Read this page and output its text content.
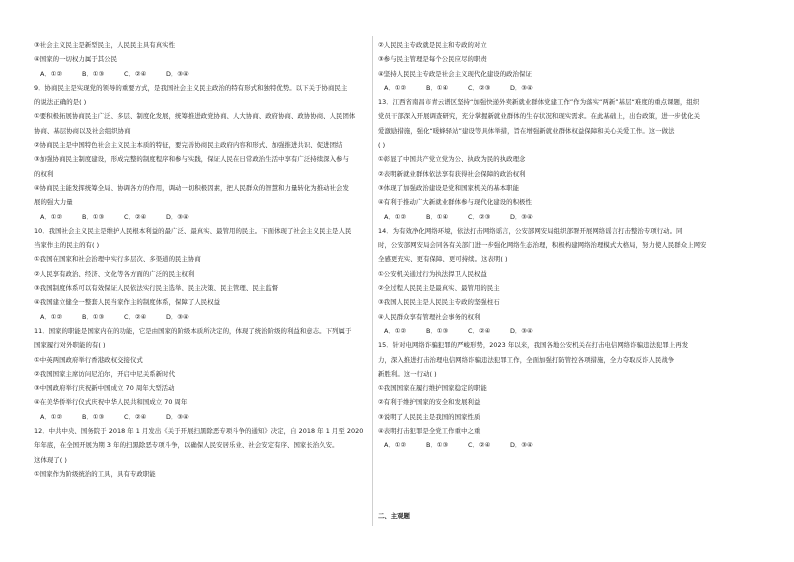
③社会主义民主是新型民主，人民民主具有真实性
④国家的一切权力属于其公民
A．①②	B．①③	C．②④	D．③④
9．协商民主是实现党的领导的重要方式，是我国社会主义民主政治的特有形式和独特优势。以下关于协商民主
的说法正确的是( )
①要积极拓展协商民主广泛、多层、制度化发展，统筹推进政党协商、人大协商、政府协商、政协协商、人民团体
协商、基层协商以及社会组织协商
②协商民主是中国特色社会主义民主本质的特征，要完善协商民主政府内容和形式、加强推进共识、促进团结
③加强协商民主制度建设，形成完整的制度程序和参与实践，保证人民在日常政治生活中享有广泛持续深入参与
的权利
④协商民主能发挥统筹全局、协调各方的作用，调动一切积极因素，把人民群众的智慧和力量转化为推动社会发
展的强大力量
A．①②	B．①③	C．②④	D．③④
10．我国社会主义民主是维护人民根本利益的最广泛、最真实、最管用的民主。下面体现了社会主义民主是人民
当家作主的民主的有( )
①我国在国家和社会治理中实行多层次、多渠道的民主协商
②人民享有政治、经济、文化等各方面的广泛的民主权利
③我国制度体系可以有效保证人民依法实行民主选举、民主决策、民主管理、民主监督
④我国建立健全一整套人民当家作主的制度体系，保障了人民权益
A．①②	B．①③	C．②④	D．③④
11．国家的职能是国家内在的功能，它是由国家的阶级本质所决定的，体现了统治阶级的利益和意志。下列属于
国家履行对外职能的有( )
①中英两国政府举行香港政权交接仪式
②我国国家主席访问尼泊尔，开启中尼关系新时代
③中国政府举行庆祝新中国成立 70 周年大型活动
④在美华侨举行仪式庆祝中华人民共和国成立 70 周年
A．①②	B．①③	C．②④	D．③④
12．中共中央、国务院于 2018 年 1 月发出《关于开展扫黑除恶专项斗争的通知》决定，自 2018 年 1 月至 2020
年年底，在全国开展为期 3 年的扫黑除恶专项斗争，以确保人民安居乐业、社会安定有序、国家长治久安。
这体现了( )
①国家作为阶级统治的工具，具有专政职能
②人民民主专政就是民主和专政的对立
③参与民主管理是每个公民应尽的职责
④坚持人民民主专政是社会主义现代化建设的政治保证
A．①②	B．①④	C．②③	D．③④
13．江西省南昌市青云谱区坚持“加强快递外卖新就业群体党建工作”作为落实“两新”基层“难度的重点课题，组织
党员干部深入开展调查研究，充分掌握新就业群体的生存状况和现实需求。在此基础上，出台政策，进一步优化关
爱激励措施，强化“暖蜂驿站”建设等具体举措，旨在增强新就业群体权益保障和关心关爱工作。这一做法
( )
①彰显了中国共产党立党为公、执政为民的执政理念
②表明新就业群体依法享有获得社会保障的政治权利
③体现了加强政治建设是党和国家机关的基本职能
④有利于推动广大新就业群体参与现代化建设的积极性
A．①②	B．①④	C．②③	D．③④
14．为有效净化网络环境，依法打击网络谣言，公安部网安局组织部署开展网络谣言打击整治专项行动。同
时，公安部网安局会同各有关部门进一步强化网络生态治理，积极构建网络治理模式大格局，努力使人民群众上网安
全感更充实、更有保障、更可持续。这表明( )
①公安机关通过行为执法捍卫人民权益
②全过程人民民主是最真实、最管用的民主
③我国人民民主是人民民主专政的坚强柱石
④人民群众享有管理社会事务的权利
A．①②	B．①③	C．②④	D．③④
15．针对电网络诈骗犯罪的严峻形势，2023 年以来，我国各地公安机关在打击电信网络诈骗违法犯罪上再发
力，深入推进打击治理电信网络诈骗违法犯罪工作，全面加强打防管控各项措施，全力夺取反诈人民战争
新胜利。这一行动( )
①我国国家在履行维护国家稳定的职能
②有利于维护国家的安全和发展利益
③说明了人民民主是我国的国家性质
④表明打击犯罪是全党工作重中之重
A．①②	B．①③	C．②④	D．③④
二、主观题
